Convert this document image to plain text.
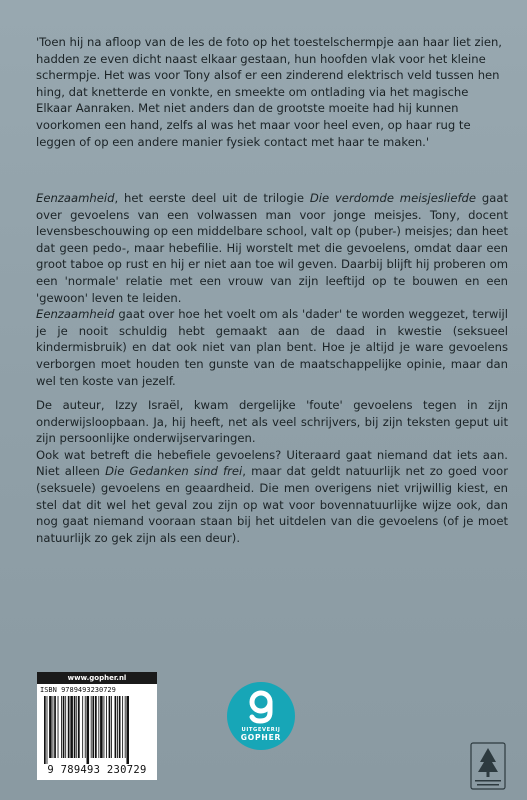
'Toen hij na afloop van de les de foto op het toestelschermpje aan haar liet zien, hadden ze even dicht naast elkaar gestaan, hun hoofden vlak voor het kleine schermpje. Het was voor Tony alsof er een zinderend elektrisch veld tussen hen hing, dat knetterde en vonkte, en smeekte om ontlading via het magische Elkaar Aanraken. Met niet anders dan de grootste moeite had hij kunnen voorkomen een hand, zelfs al was het maar voor heel even, op haar rug te leggen of op een andere manier fysiek contact met haar te maken.'

Eenzaamheid, het eerste deel uit de trilogie Die verdomde meisjesliefde gaat over gevoelens van een volwassen man voor jonge meisjes. Tony, docent levensbeschouwing op een middelbare school, valt op (puber-) meisjes; dan heet dat geen pedo-, maar hebefilie. Hij worstelt met die gevoelens, omdat daar een groot taboe op rust en hij er niet aan toe wil geven. Daarbij blijft hij proberen om een 'normale' relatie met een vrouw van zijn leeftijd op te bouwen en een 'gewoon' leven te leiden.

Eenzaamheid gaat over hoe het voelt om als 'dader' te worden weggezet, terwijl je je nooit schuldig hebt gemaakt aan de daad in kwestie (seksueel kindermisbruik) en dat ook niet van plan bent. Hoe je altijd je ware gevoelens verborgen moet houden ten gunste van de maatschappelijke opinie, maar dan wel ten koste van jezelf.

De auteur, Izzy Israël, kwam dergelijke 'foute' gevoelens tegen in zijn onderwijsloopbaan. Ja, hij heeft, net als veel schrijvers, bij zijn teksten geput uit zijn persoonlijke onderwijservaringen.

Ook wat betreft die hebefiele gevoelens? Uiteraard gaat niemand dat iets aan. Niet alleen Die Gedanken sind frei, maar dat geldt natuurlijk net zo goed voor (seksuele) gevoelens en geaardheid. Die men overigens niet vrijwillig kiest, en stel dat dit wel het geval zou zijn op wat voor bovennatuurlijke wijze ook, dan nog gaat niemand vooraan staan bij het uitdelen van die gevoelens (of je moet natuurlijk zo gek zijn als een deur).

www.gopher.nl
ISBN 9789493230729
9 789493 230729
UITGEVERIJ
GOPHER
